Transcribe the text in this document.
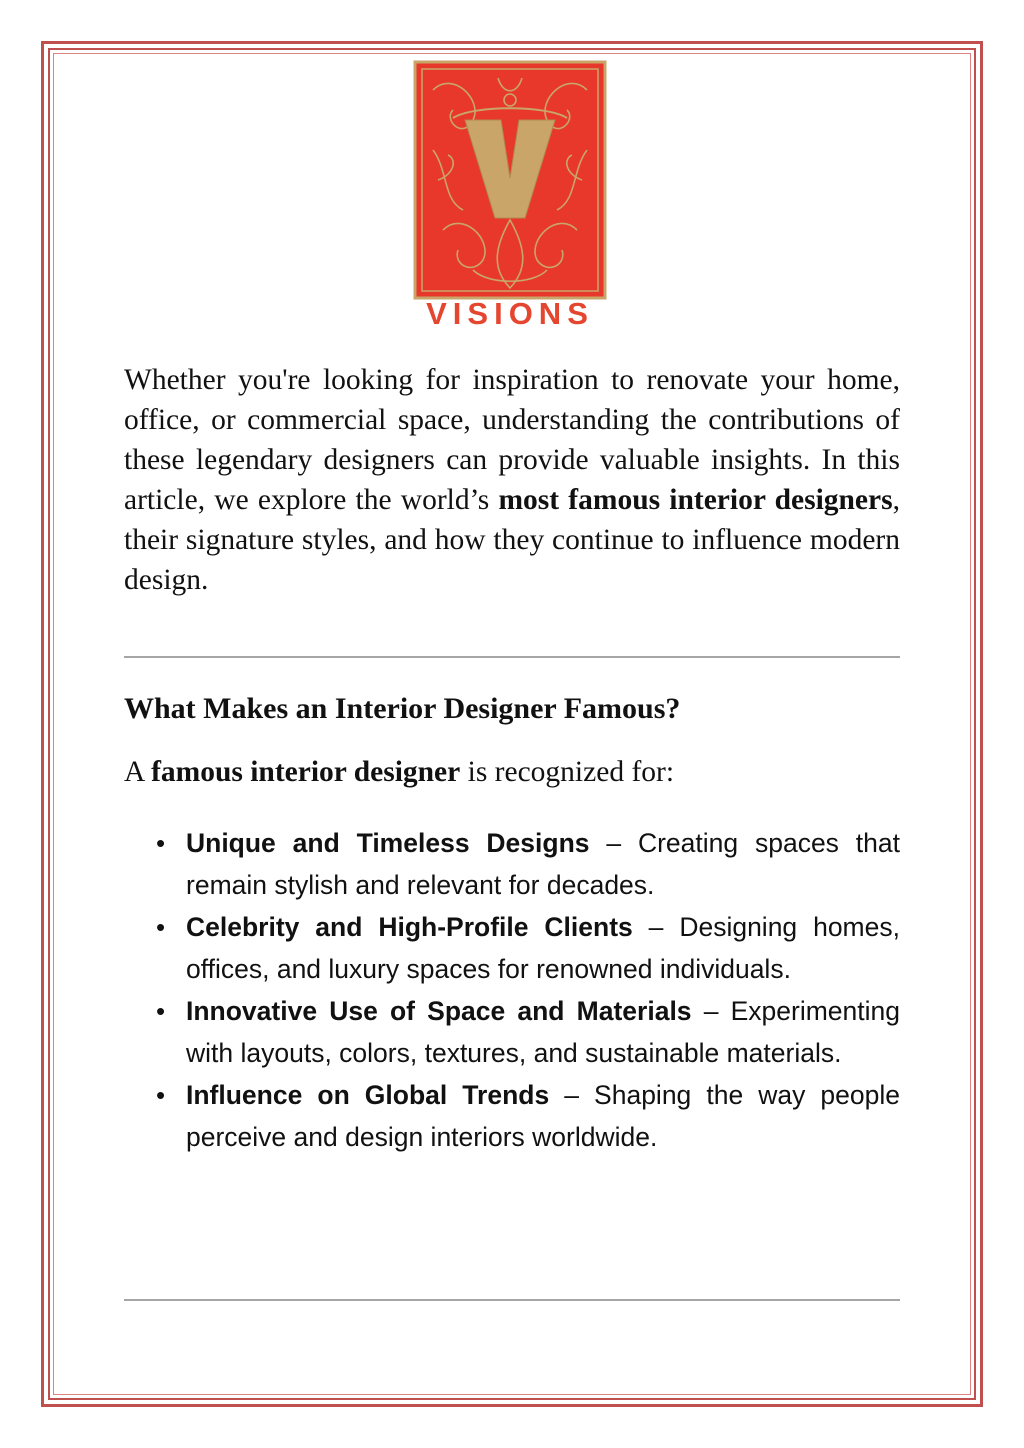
VISIONS
Whether you're looking for inspiration to renovate your home, office, or commercial space, understanding the contributions of these legendary designers can provide valuable insights. In this article, we explore the world’s most famous interior designers, their signature styles, and how they continue to influence modern design.
What Makes an Interior Designer Famous?
A famous interior designer is recognized for:
• Unique and Timeless Designs – Creating spaces that remain stylish and relevant for decades.
• Celebrity and High-Profile Clients – Designing homes, offices, and luxury spaces for renowned individuals.
• Innovative Use of Space and Materials – Experimenting with layouts, colors, textures, and sustainable materials.
• Influence on Global Trends – Shaping the way people perceive and design interiors worldwide.
